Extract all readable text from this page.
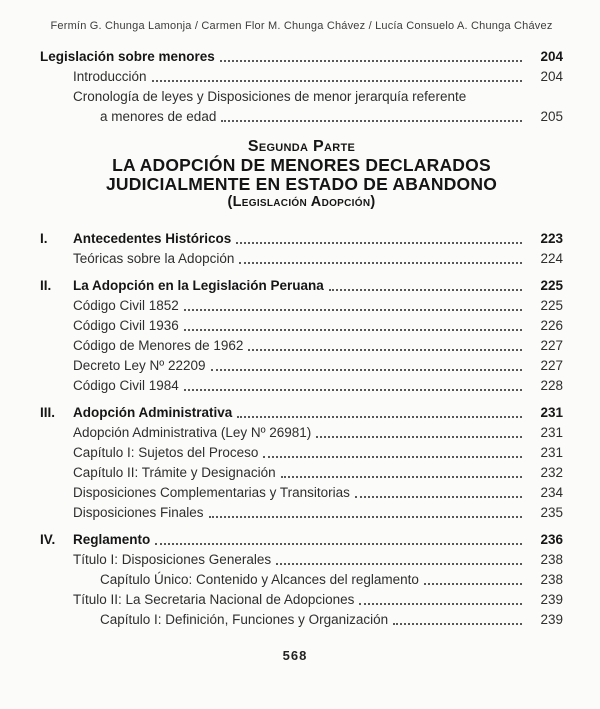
Fermín G. Chunga Lamonja / Carmen Flor M. Chunga Chávez / Lucía Consuelo A. Chunga Chávez
Legislación sobre menores	204
Introducción	204
Cronología de leyes y Disposiciones de menor jerarquía referente
a menores de edad	205
Segunda Parte
LA ADOPCIÓN DE MENORES DECLARADOS
JUDICIALMENTE EN ESTADO DE ABANDONO
(Legislación Adopción)
I.	Antecedentes Históricos	223
Teóricas sobre la Adopción	224
II.	La Adopción en la Legislación Peruana	225
Código Civil 1852	225
Código Civil 1936	226
Código de Menores de 1962	227
Decreto Ley Nº 22209	227
Código Civil 1984	228
III.	Adopción Administrativa	231
Adopción Administrativa (Ley Nº 26981)	231
Capítulo I: Sujetos del Proceso	231
Capítulo II: Trámite y Designación	232
Disposiciones Complementarias y Transitorias	234
Disposiciones Finales	235
IV.	Reglamento	236
Título I: Disposiciones Generales	238
Capítulo Único: Contenido y Alcances del reglamento	238
Título II: La Secretaria Nacional de Adopciones	239
Capítulo I: Definición, Funciones y Organización	239
568
